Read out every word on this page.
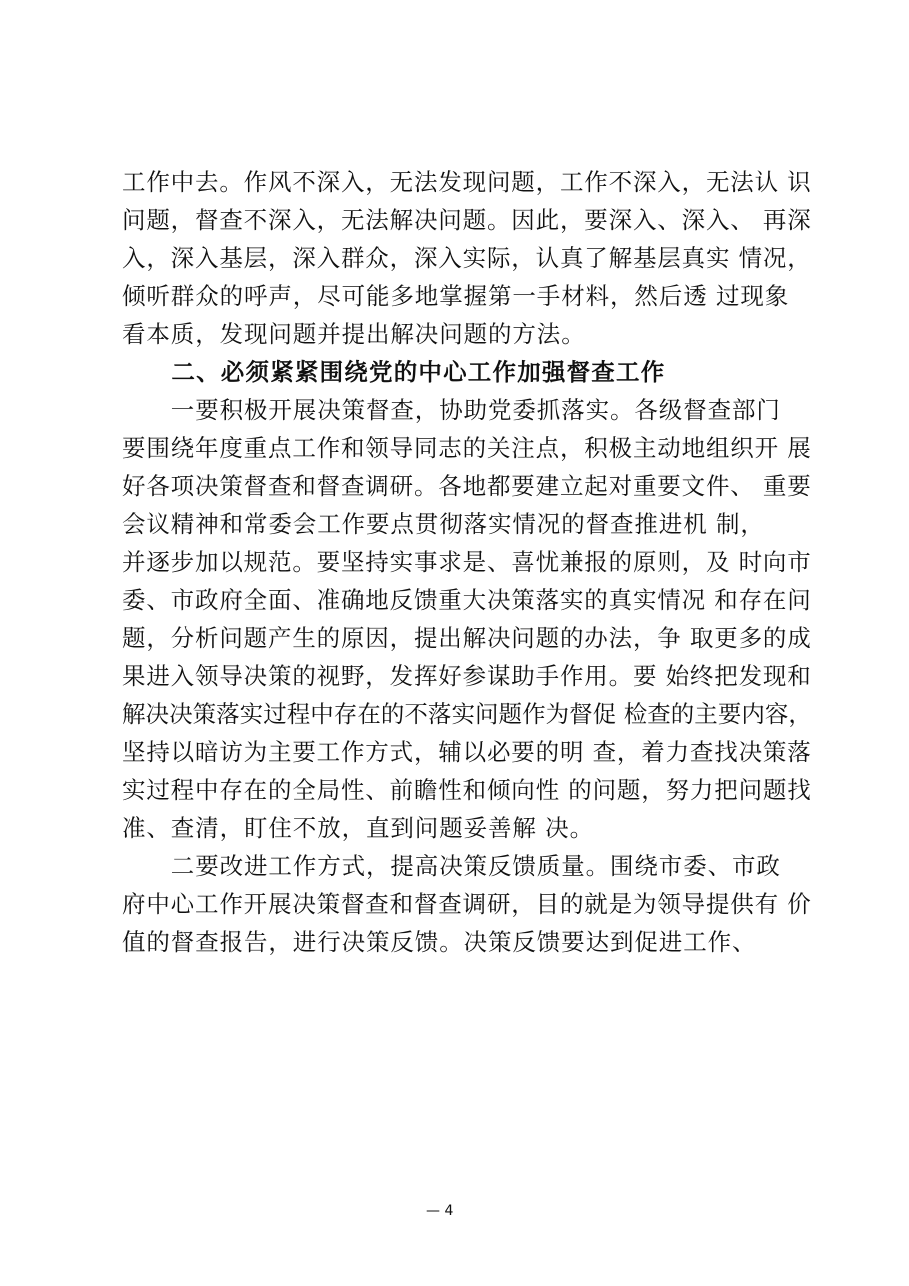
工作中去。作风不深入，无法发现问题，工作不深入，无法认 识
问题，督查不深入，无法解决问题。因此，要深入、深入、 再深
入，深入基层，深入群众，深入实际，认真了解基层真实 情况，
倾听群众的呼声，尽可能多地掌握第一手材料，然后透 过现象
看本质，发现问题并提出解决问题的方法。
　　二、必须紧紧围绕党的中心工作加强督查工作
　　一要积极开展决策督查，协助党委抓落实。各级督查部门
要围绕年度重点工作和领导同志的关注点，积极主动地组织开 展
好各项决策督查和督查调研。各地都要建立起对重要文件、 重要
会议精神和常委会工作要点贯彻落实情况的督查推进机 制，
并逐步加以规范。要坚持实事求是、喜忧兼报的原则，及 时向市
委、市政府全面、准确地反馈重大决策落实的真实情况 和存在问
题，分析问题产生的原因，提出解决问题的办法，争 取更多的成
果进入领导决策的视野，发挥好参谋助手作用。要 始终把发现和
解决决策落实过程中存在的不落实问题作为督促 检查的主要内容，
坚持以暗访为主要工作方式，辅以必要的明 查，着力查找决策落
实过程中存在的全局性、前瞻性和倾向性 的问题，努力把问题找
准、查清，盯住不放，直到问题妥善解 决。
　　二要改进工作方式，提高决策反馈质量。围绕市委、市政
府中心工作开展决策督查和督查调研，目的就是为领导提供有 价
值的督查报告，进行决策反馈。决策反馈要达到促进工作、
— 4
